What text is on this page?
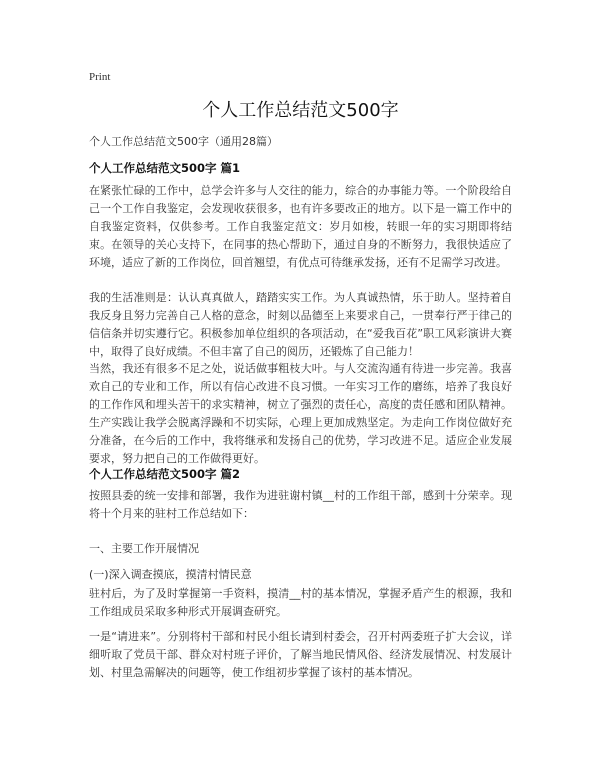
Print
个人工作总结范文500字
个人工作总结范文500字（通用28篇）
个人工作总结范文500字 篇1
在紧张忙碌的工作中，总学会许多与人交往的能力，综合的办事能力等。一个阶段给自己一个工作自我鉴定，会发现收获很多，也有许多要改正的地方。以下是一篇工作中的自我鉴定资料，仅供参考。工作自我鉴定范文：岁月如梭，转眼一年的实习期即将结束。在领导的关心支持下，在同事的热心帮助下，通过自身的不断努力，我很快适应了环境，适应了新的工作岗位，回首翘望，有优点可待继承发扬，还有不足需学习改进。
我的生活准则是：认认真真做人，踏踏实实工作。为人真诚热情，乐于助人。坚持着自我反身且努力完善自己人格的意念，时刻以品德至上来要求自己，一贯奉行严于律己的信信条并切实遵行它。积极参加单位组织的各项活动，在“爱我百花”职工风彩演讲大赛中，取得了良好成绩。不但丰富了自己的阅历，还锻炼了自己能力！
当然，我还有很多不足之处，说话做事粗枝大叶。与人交流沟通有待进一步完善。我喜欢自己的专业和工作，所以有信心改进不良习惯。一年实习工作的磨练，培养了我良好的工作作风和埋头苦干的求实精神，树立了强烈的责任心，高度的责任感和团队精神。生产实践让我学会脱离浮躁和不切实际，心理上更加成熟坚定。为走向工作岗位做好充分准备，在今后的工作中，我将继承和发扬自己的优势，学习改进不足。适应企业发展要求，努力把自己的工作做得更好。
个人工作总结范文500字 篇2
按照县委的统一安排和部署，我作为进驻谢村镇__村的工作组干部，感到十分荣幸。现将十个月来的驻村工作总结如下：
一、主要工作开展情况
(一)深入调查摸底，摸清村情民意
驻村后，为了及时掌握第一手资料，摸清__村的基本情况，掌握矛盾产生的根源，我和工作组成员采取多种形式开展调查研究。
一是“请进来”。分别将村干部和村民小组长请到村委会，召开村两委班子扩大会议，详细听取了党员干部、群众对村班子评价，了解当地民情风俗、经济发展情况、村发展计划、村里急需解决的问题等，使工作组初步掌握了该村的基本情况。
